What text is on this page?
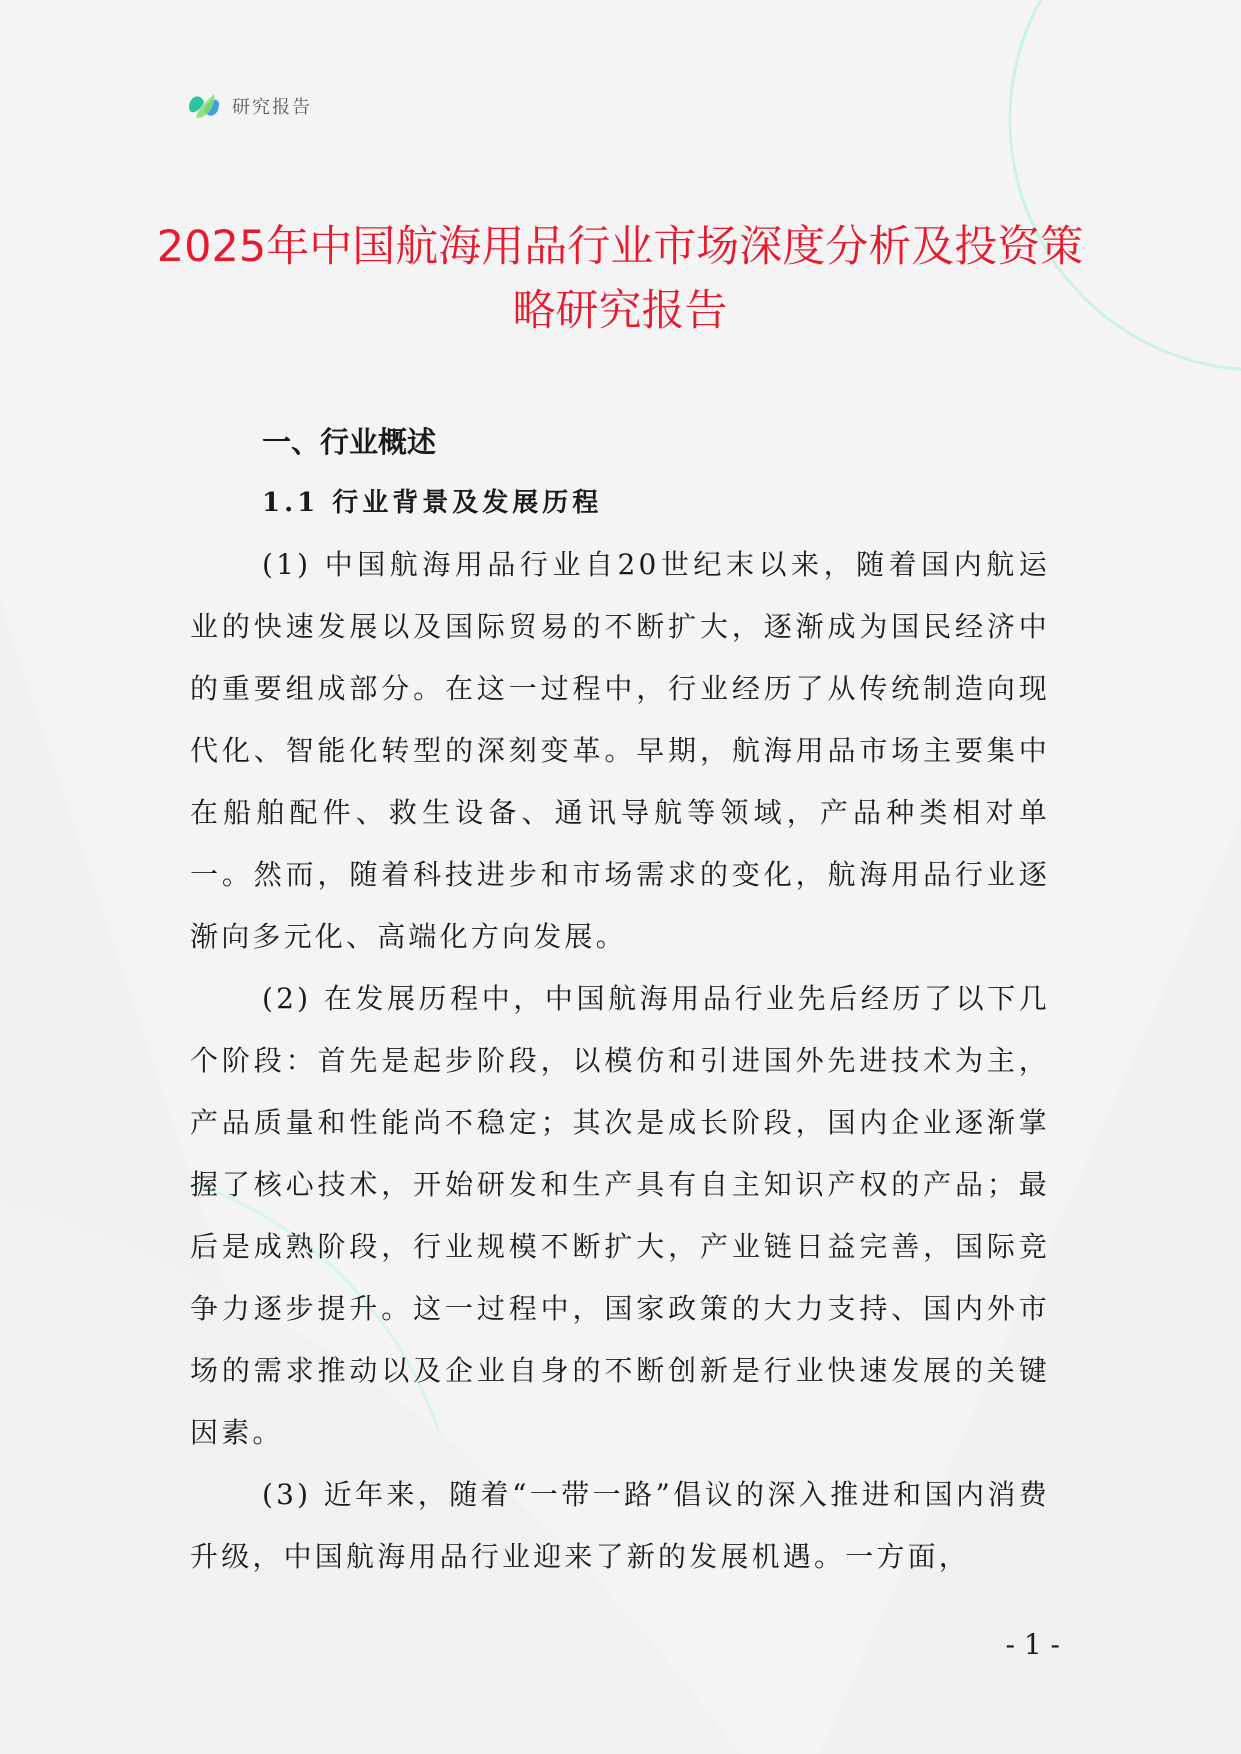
研究报告
2025年中国航海用品行业市场深度分析及投资策略研究报告
一、行业概述
1.1 行业背景及发展历程

(1) 中国航海用品行业自20世纪末以来，随着国内航运业的快速发展以及国际贸易的不断扩大，逐渐成为国民经济中的重要组成部分。在这一过程中，行业经历了从传统制造向现代化、智能化转型的深刻变革。早期，航海用品市场主要集中在船舶配件、救生设备、通讯导航等领域，产品种类相对单一。然而，随着科技进步和市场需求的变化，航海用品行业逐渐向多元化、高端化方向发展。

(2) 在发展历程中，中国航海用品行业先后经历了以下几个阶段：首先是起步阶段，以模仿和引进国外先进技术为主，产品质量和性能尚不稳定；其次是成长阶段，国内企业逐渐掌握了核心技术，开始研发和生产具有自主知识产权的产品；最后是成熟阶段，行业规模不断扩大，产业链日益完善，国际竞争力逐步提升。这一过程中，国家政策的大力支持、国内外市场的需求推动以及企业自身的不断创新是行业快速发展的关键因素。

(3) 近年来，随着“一带一路”倡议的深入推进和国内消费升级，中国航海用品行业迎来了新的发展机遇。一方面，

- 1 -
